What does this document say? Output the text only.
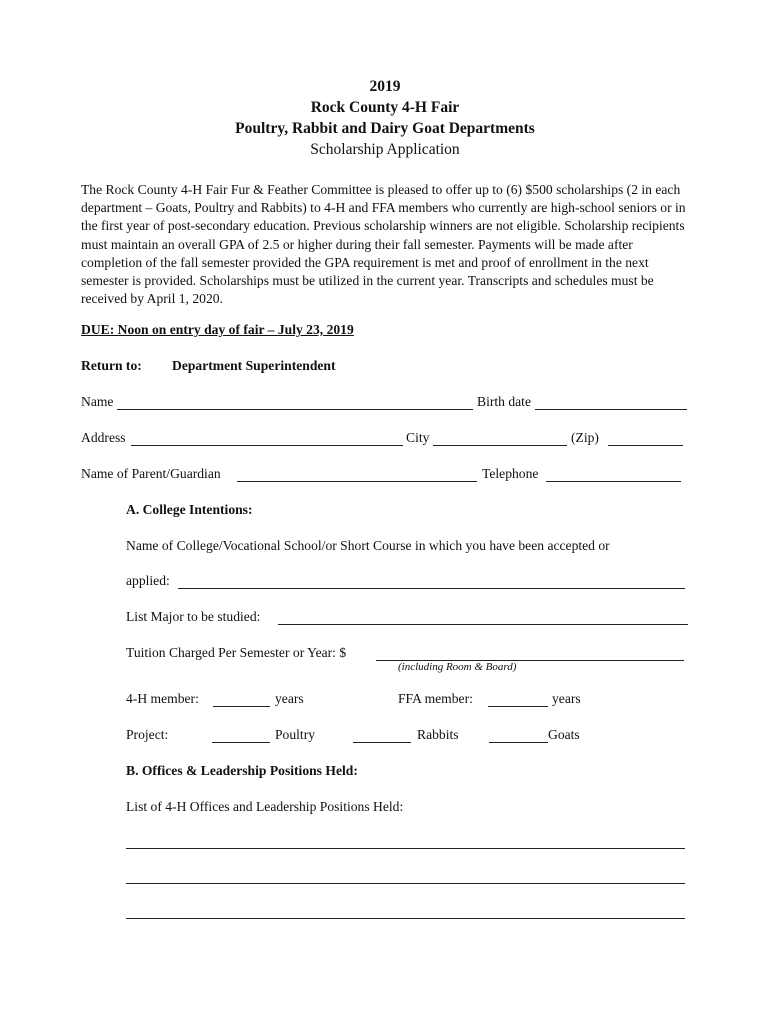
2019
Rock County 4-H Fair
Poultry, Rabbit and Dairy Goat Departments
Scholarship Application

The Rock County 4-H Fair Fur & Feather Committee is pleased to offer up to (6) $500 scholarships (2 in each department – Goats, Poultry and Rabbits) to 4-H and FFA members who currently are high-school seniors or in the first year of post-secondary education. Previous scholarship winners are not eligible. Scholarship recipients must maintain an overall GPA of 2.5 or higher during their fall semester. Payments will be made after completion of the fall semester provided the GPA requirement is met and proof of enrollment in the next semester is provided. Scholarships must be utilized in the current year. Transcripts and schedules must be received by April 1, 2020.

DUE: Noon on entry day of fair – July 23, 2019
Return to: Department Superintendent
Name	Birth date
Address	City	(Zip)
Name of Parent/Guardian	Telephone
A. College Intentions:
Name of College/Vocational School/or Short Course in which you have been accepted or
applied:
List Major to be studied:
Tuition Charged Per Semester or Year: $
(including Room & Board)
4-H member:	years	FFA member:	years
Project:	Poultry	Rabbits	Goats
B. Offices & Leadership Positions Held:
List of 4-H Offices and Leadership Positions Held:
